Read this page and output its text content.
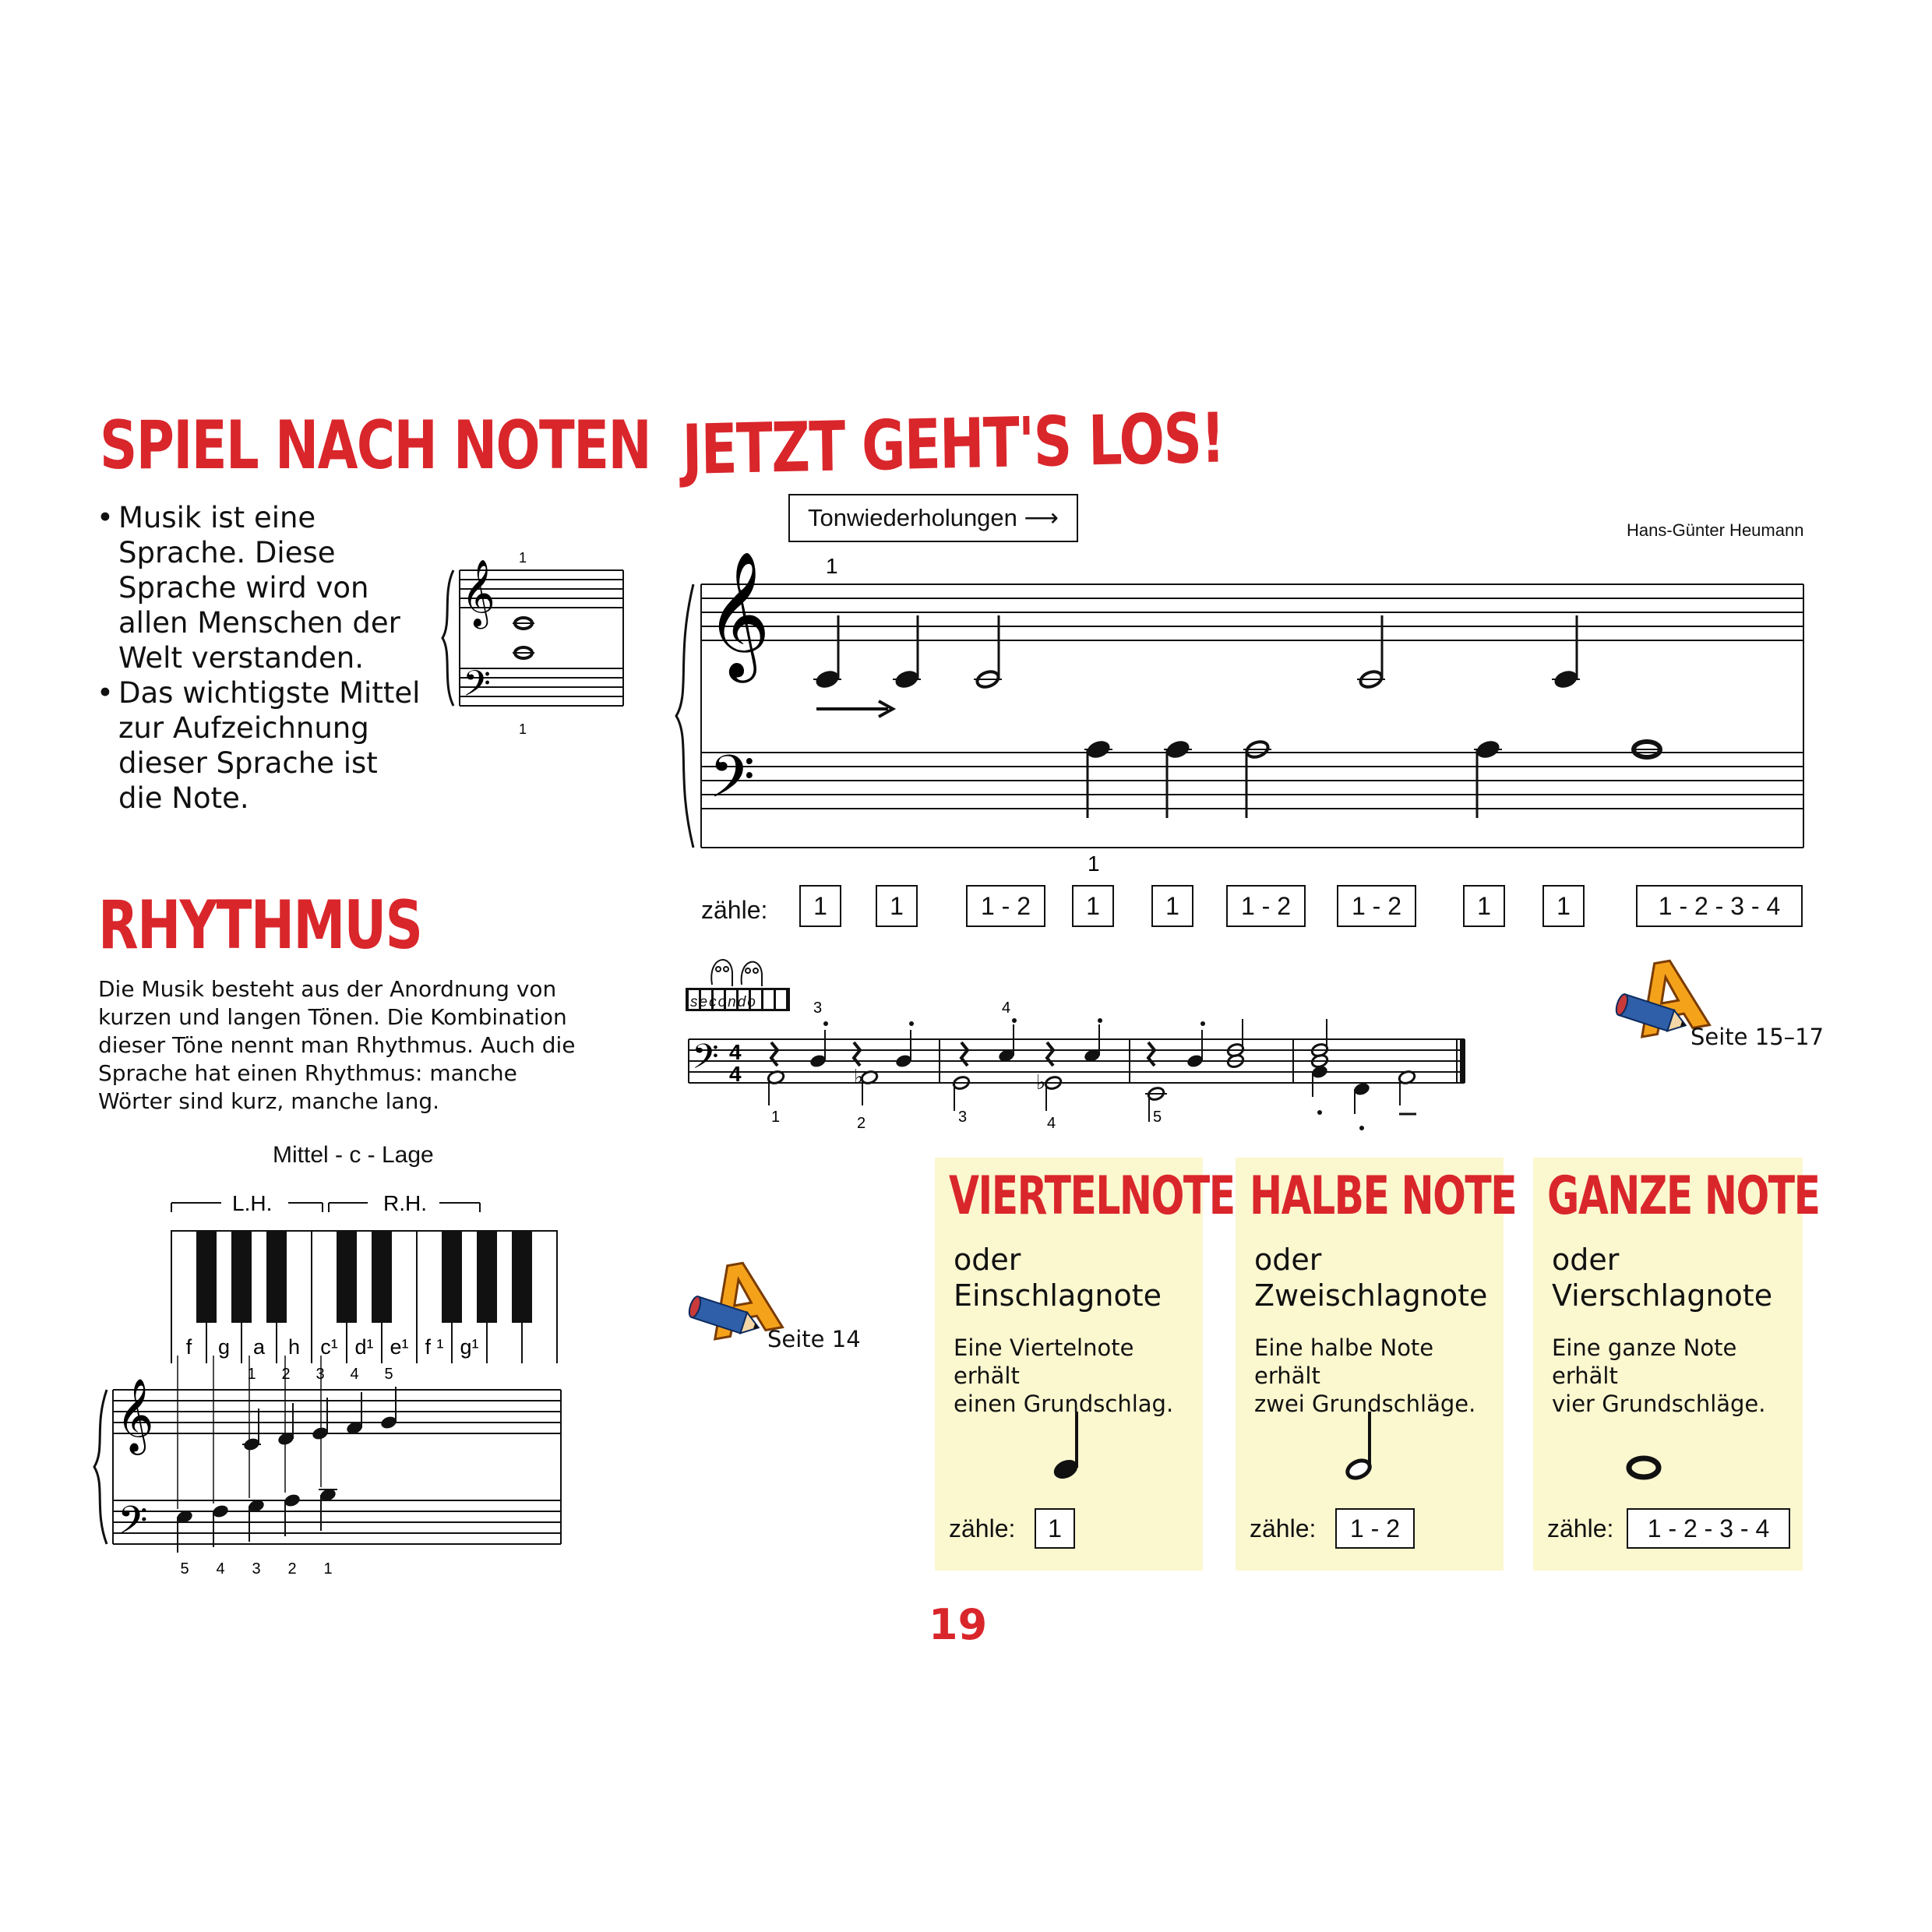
SPIEL NACH NOTEN
• Musik ist eine Sprache. Diese Sprache wird von allen Menschen der Welt verstanden.
• Das wichtigste Mittel zur Aufzeichnung dieser Sprache ist die Note.
𝄞
𝄢
1
1
RHYTHMUS
Die Musik besteht aus der Anordnung von kurzen und langen Tönen. Die Kombination dieser Töne nennt man Rhythmus. Auch die Sprache hat einen Rhythmus: manche Wörter sind kurz, manche lang.
Mittel - c - Lage
L.H.	R.H.
f g a h c¹ d¹ e¹ f ¹ g¹
𝄞
𝄢
1 2 3 4 5
5 4 3 2 1
JETZT GEHT'S LOS!
Tonwiederholungen ⟶	Hans-Günter Heumann
𝄞
𝄢
1
1
zähle:	1	1	1 - 2	1	1	1 - 2	1 - 2	1	1	1 - 2 - 3 - 4
secondo
𝄢 4
4	♭	♭
3	4
1	2	3	4	5
Seite 15–17
Seite 14
VIERTELNOTE
oder
Einschlagnote
Eine Viertelnote erhält
einen Grundschlag.
zähle:	1
HALBE NOTE
oder
Zweischlagnote
Eine halbe Note erhält
zwei Grundschläge.
zähle:	1 - 2
GANZE NOTE
oder
Vierschlagnote
Eine ganze Note erhält
vier Grundschläge.
zähle:	1 - 2 - 3 - 4
19
